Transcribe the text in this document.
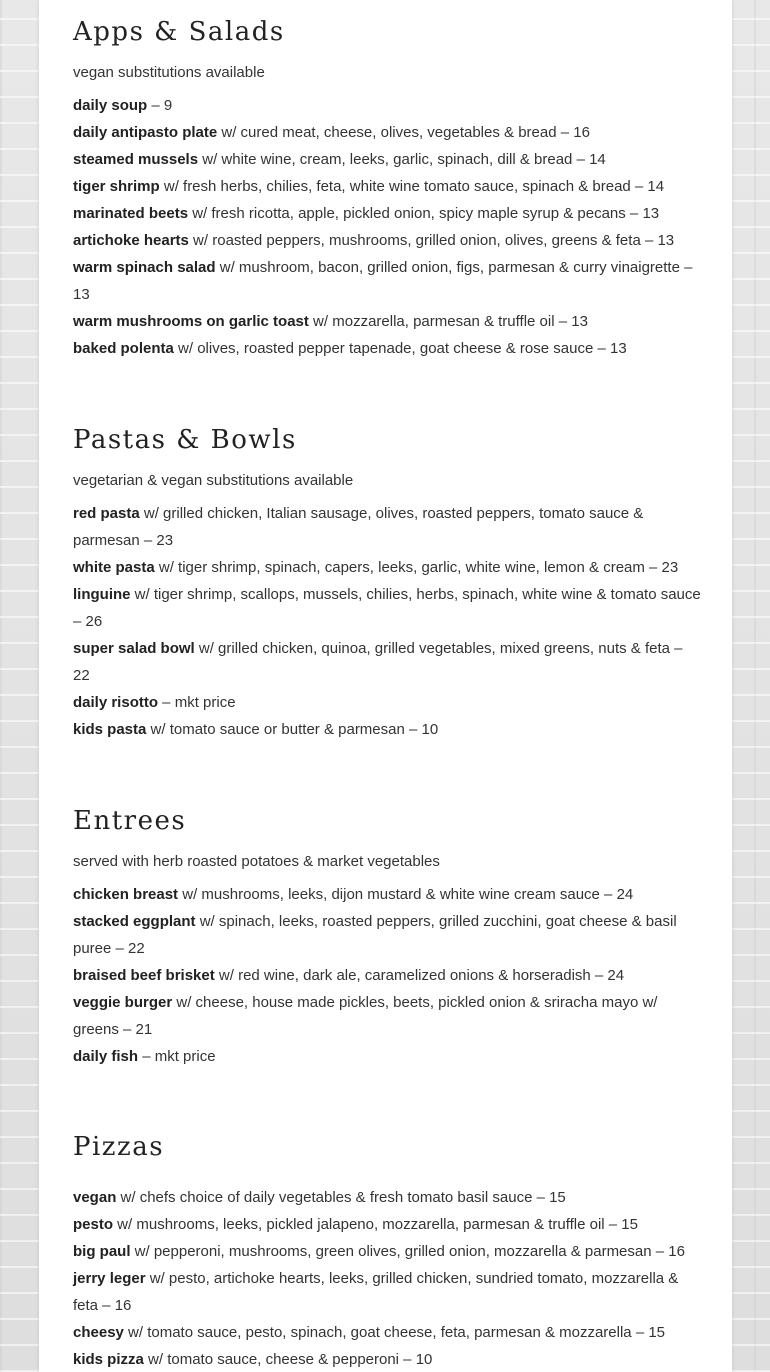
Apps & Salads

vegan substitutions available

daily soup – 9
daily antipasto plate w/ cured meat, cheese, olives, vegetables & bread – 16
steamed mussels w/ white wine, cream, leeks, garlic, spinach, dill & bread – 14
tiger shrimp w/ fresh herbs, chilies, feta, white wine tomato sauce, spinach & bread – 14
marinated beets w/ fresh ricotta, apple, pickled onion, spicy maple syrup & pecans – 13
artichoke hearts w/ roasted peppers, mushrooms, grilled onion, olives, greens & feta – 13
warm spinach salad w/ mushroom, bacon, grilled onion, figs, parmesan & curry vinaigrette – 13
warm mushrooms on garlic toast w/ mozzarella, parmesan & truffle oil – 13
baked polenta w/ olives, roasted pepper tapenade, goat cheese & rose sauce – 13
Pastas & Bowls

vegetarian & vegan substitutions available

red pasta w/ grilled chicken, Italian sausage, olives, roasted peppers, tomato sauce & parmesan – 23
white pasta w/ tiger shrimp, spinach, capers, leeks, garlic, white wine, lemon & cream – 23
linguine w/ tiger shrimp, scallops, mussels, chilies, herbs, spinach, white wine & tomato sauce – 26
super salad bowl w/ grilled chicken, quinoa, grilled vegetables, mixed greens, nuts & feta – 22
daily risotto – mkt price
kids pasta w/ tomato sauce or butter & parmesan – 10
Entrees

served with herb roasted potatoes & market vegetables

chicken breast w/ mushrooms, leeks, dijon mustard & white wine cream sauce – 24
stacked eggplant w/ spinach, leeks, roasted peppers, grilled zucchini, goat cheese & basil puree – 22
braised beef brisket w/ red wine, dark ale, caramelized onions & horseradish – 24
veggie burger w/ cheese, house made pickles, beets, pickled onion & sriracha mayo w/ greens – 21
daily fish – mkt price
Pizzas
vegan w/ chefs choice of daily vegetables & fresh tomato basil sauce – 15
pesto w/ mushrooms, leeks, pickled jalapeno, mozzarella, parmesan & truffle oil – 15
big paul w/ pepperoni, mushrooms, green olives, grilled onion, mozzarella & parmesan – 16
jerry leger w/ pesto, artichoke hearts, leeks, grilled chicken, sundried tomato, mozzarella & feta – 16
cheesy w/ tomato sauce, pesto, spinach, goat cheese, feta, parmesan & mozzarella – 15
kids pizza w/ tomato sauce, cheese & pepperoni – 10
